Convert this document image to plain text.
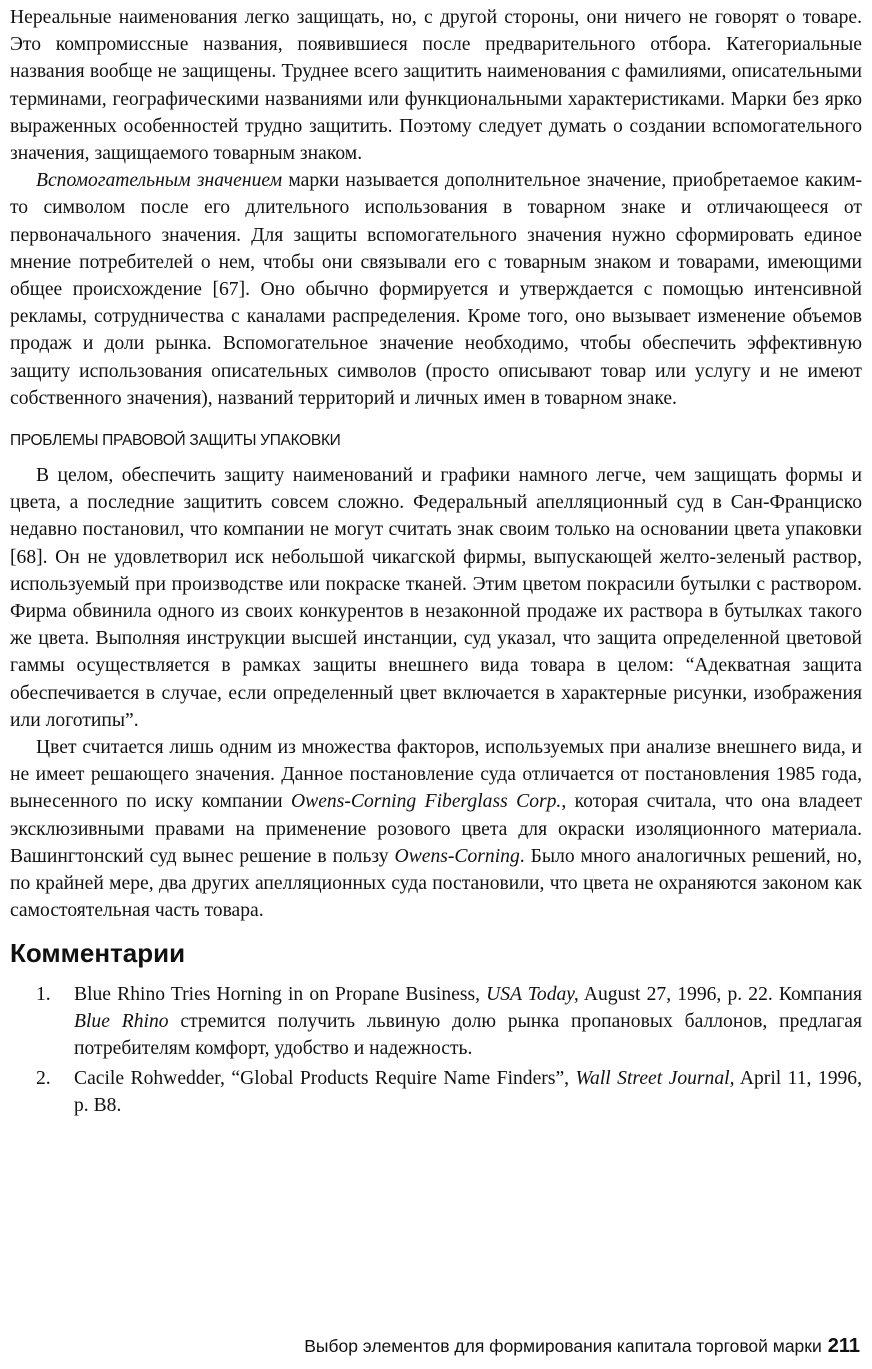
Нереальные наименования легко защищать, но, с другой стороны, они ничего не говорят о товаре. Это компромиссные названия, появившиеся после предварительного отбора. Категориальные названия вообще не защищены. Труднее всего защитить наименования с фамилиями, описательными терминами, географическими названиями или функциональными характеристиками. Марки без ярко выраженных особенностей трудно защитить. Поэтому следует думать о создании вспомогательного значения, защищаемого товарным знаком.

Вспомогательным значением марки называется дополнительное значение, приобретаемое каким-то символом после его длительного использования в товарном знаке и отличающееся от первоначального значения. Для защиты вспомогательного значения нужно сформировать единое мнение потребителей о нем, чтобы они связывали его с товарным знаком и товарами, имеющими общее происхождение [67]. Оно обычно формируется и утверждается с помощью интенсивной рекламы, сотрудничества с каналами распределения. Кроме того, оно вызывает изменение объемов продаж и доли рынка. Вспомогательное значение необходимо, чтобы обеспечить эффективную защиту использования описательных символов (просто описывают товар или услугу и не имеют собственного значения), названий территорий и личных имен в товарном знаке.

ПРОБЛЕМЫ ПРАВОВОЙ ЗАЩИТЫ УПАКОВКИ

В целом, обеспечить защиту наименований и графики намного легче, чем защищать формы и цвета, а последние защитить совсем сложно. Федеральный апелляционный суд в Сан-Франциско недавно постановил, что компании не могут считать знак своим только на основании цвета упаковки [68]. Он не удовлетворил иск небольшой чикагской фирмы, выпускающей желто-зеленый раствор, используемый при производстве или покраске тканей. Этим цветом покрасили бутылки с раствором. Фирма обвинила одного из своих конкурентов в незаконной продаже их раствора в бутылках такого же цвета. Выполняя инструкции высшей инстанции, суд указал, что защита определенной цветовой гаммы осуществляется в рамках защиты внешнего вида товара в целом: “Адекватная защита обеспечивается в случае, если определенный цвет включается в характерные рисунки, изображения или логотипы”.

Цвет считается лишь одним из множества факторов, используемых при анализе внешнего вида, и не имеет решающего значения. Данное постановление суда отличается от постановления 1985 года, вынесенного по иску компании Owens-Corning Fiberglass Corp., которая считала, что она владеет эксклюзивными правами на применение розового цвета для окраски изоляционного материала. Вашингтонский суд вынес решение в пользу Owens-Corning. Было много аналогичных решений, но, по крайней мере, два других апелляционных суда постановили, что цвета не охраняются законом как самостоятельная часть товара.

Комментарии
1. Blue Rhino Tries Horning in on Propane Business, USA Today, August 27, 1996, p. 22. Компания Blue Rhino стремится получить львиную долю рынка пропановых баллонов, предлагая потребителям комфорт, удобство и надежность.
2. Cacile Rohwedder, “Global Products Require Name Finders”, Wall Street Journal, April 11, 1996, p. B8.
Выбор элементов для формирования капитала торговой марки 211
